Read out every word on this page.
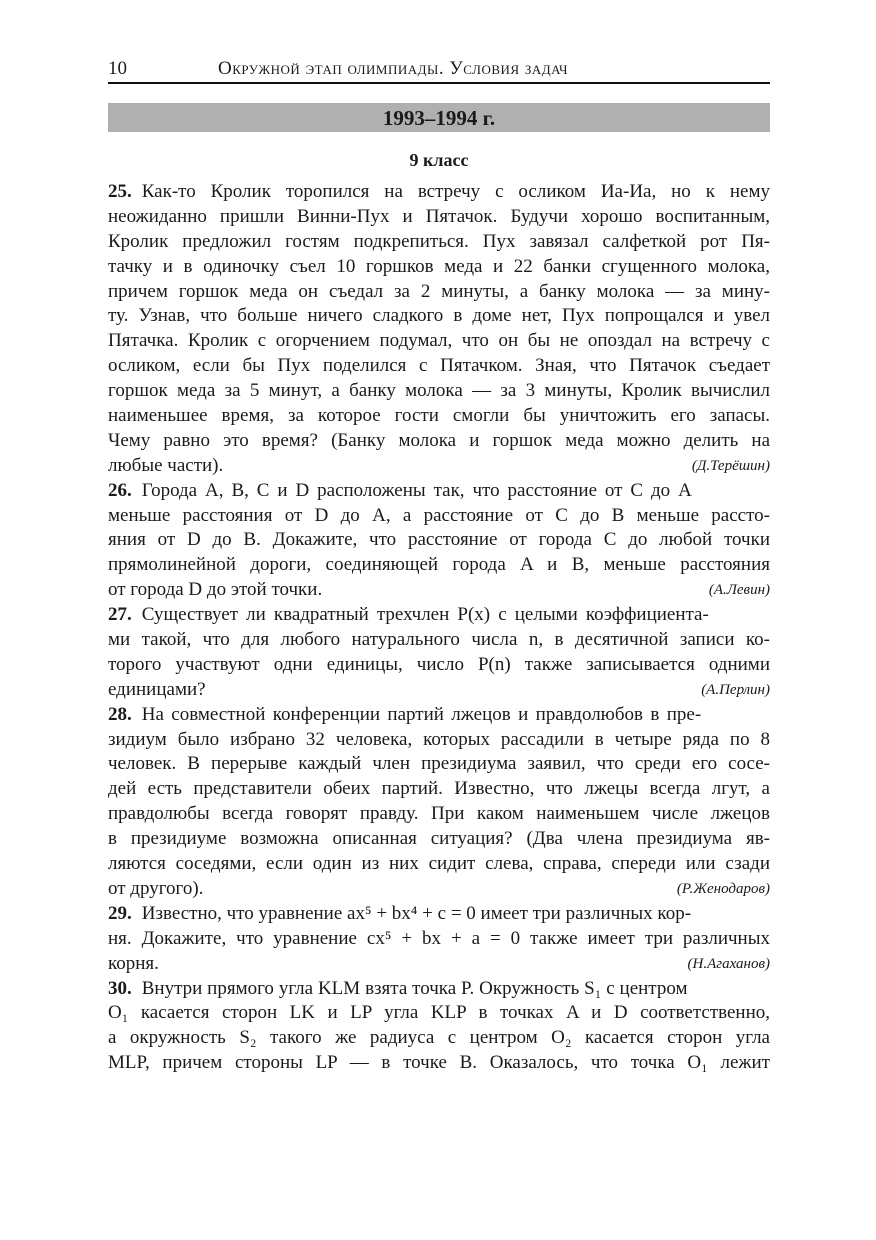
10	Окружной этап олимпиады. Условия задач
1993–1994 г.
9 класс
25. Как-то Кролик торопился на встречу с осликом Иа-Иа, но к нему
неожиданно пришли Винни-Пух и Пятачок. Будучи хорошо воспитанным,
Кролик предложил гостям подкрепиться. Пух завязал салфеткой рот Пя-
тачку и в одиночку съел 10 горшков меда и 22 банки сгущенного молока,
причем горшок меда он съедал за 2 минуты, а банку молока — за мину-
ту. Узнав, что больше ничего сладкого в доме нет, Пух попрощался и увел
Пятачка. Кролик с огорчением подумал, что он бы не опоздал на встречу с
осликом, если бы Пух поделился с Пятачком. Зная, что Пятачок съедает
горшок меда за 5 минут, а банку молока — за 3 минуты, Кролик вычислил
наименьшее время, за которое гости смогли бы уничтожить его запасы.
Чему равно это время? (Банку молока и горшок меда можно делить на
(Д.Терёшин)
любые части).
26. Города A, B, C и D расположены так, что расстояние от C до A
меньше расстояния от D до A, а расстояние от C до B меньше рассто-
яния от D до B. Докажите, что расстояние от города C до любой точки
прямолинейной дороги, соединяющей города A и B, меньше расстояния
(А.Левин)
от города D до этой точки.
27. Существует ли квадратный трехчлен P(x) с целыми коэффициента-
ми такой, что для любого натурального числа n, в десятичной записи ко-
торого участвуют одни единицы, число P(n) также записывается одними
(А.Перлин)
единицами?
28. На совместной конференции партий лжецов и правдолюбов в пре-
зидиум было избрано 32 человека, которых рассадили в четыре ряда по 8
человек. В перерыве каждый член президиума заявил, что среди его сосе-
дей есть представители обеих партий. Известно, что лжецы всегда лгут, а
правдолюбы всегда говорят правду. При каком наименьшем числе лжецов
в президиуме возможна описанная ситуация? (Два члена президиума яв-
ляются соседями, если один из них сидит слева, справа, спереди или сзади
(Р.Женодаров)
от другого).
29. Известно, что уравнение ax⁵ + bx⁴ + c = 0 имеет три различных кор-
ня. Докажите, что уравнение cx⁵ + bx + a = 0 также имеет три различных
(Н.Агаханов)
корня.
30. Внутри прямого угла KLM взята точка P. Окружность S₁ с центром
O₁ касается сторон LK и LP угла KLP в точках A и D соответственно,
а окружность S₂ такого же радиуса с центром O₂ касается сторон угла
MLP, причем стороны LP — в точке B. Оказалось, что точка O₁ лежит
